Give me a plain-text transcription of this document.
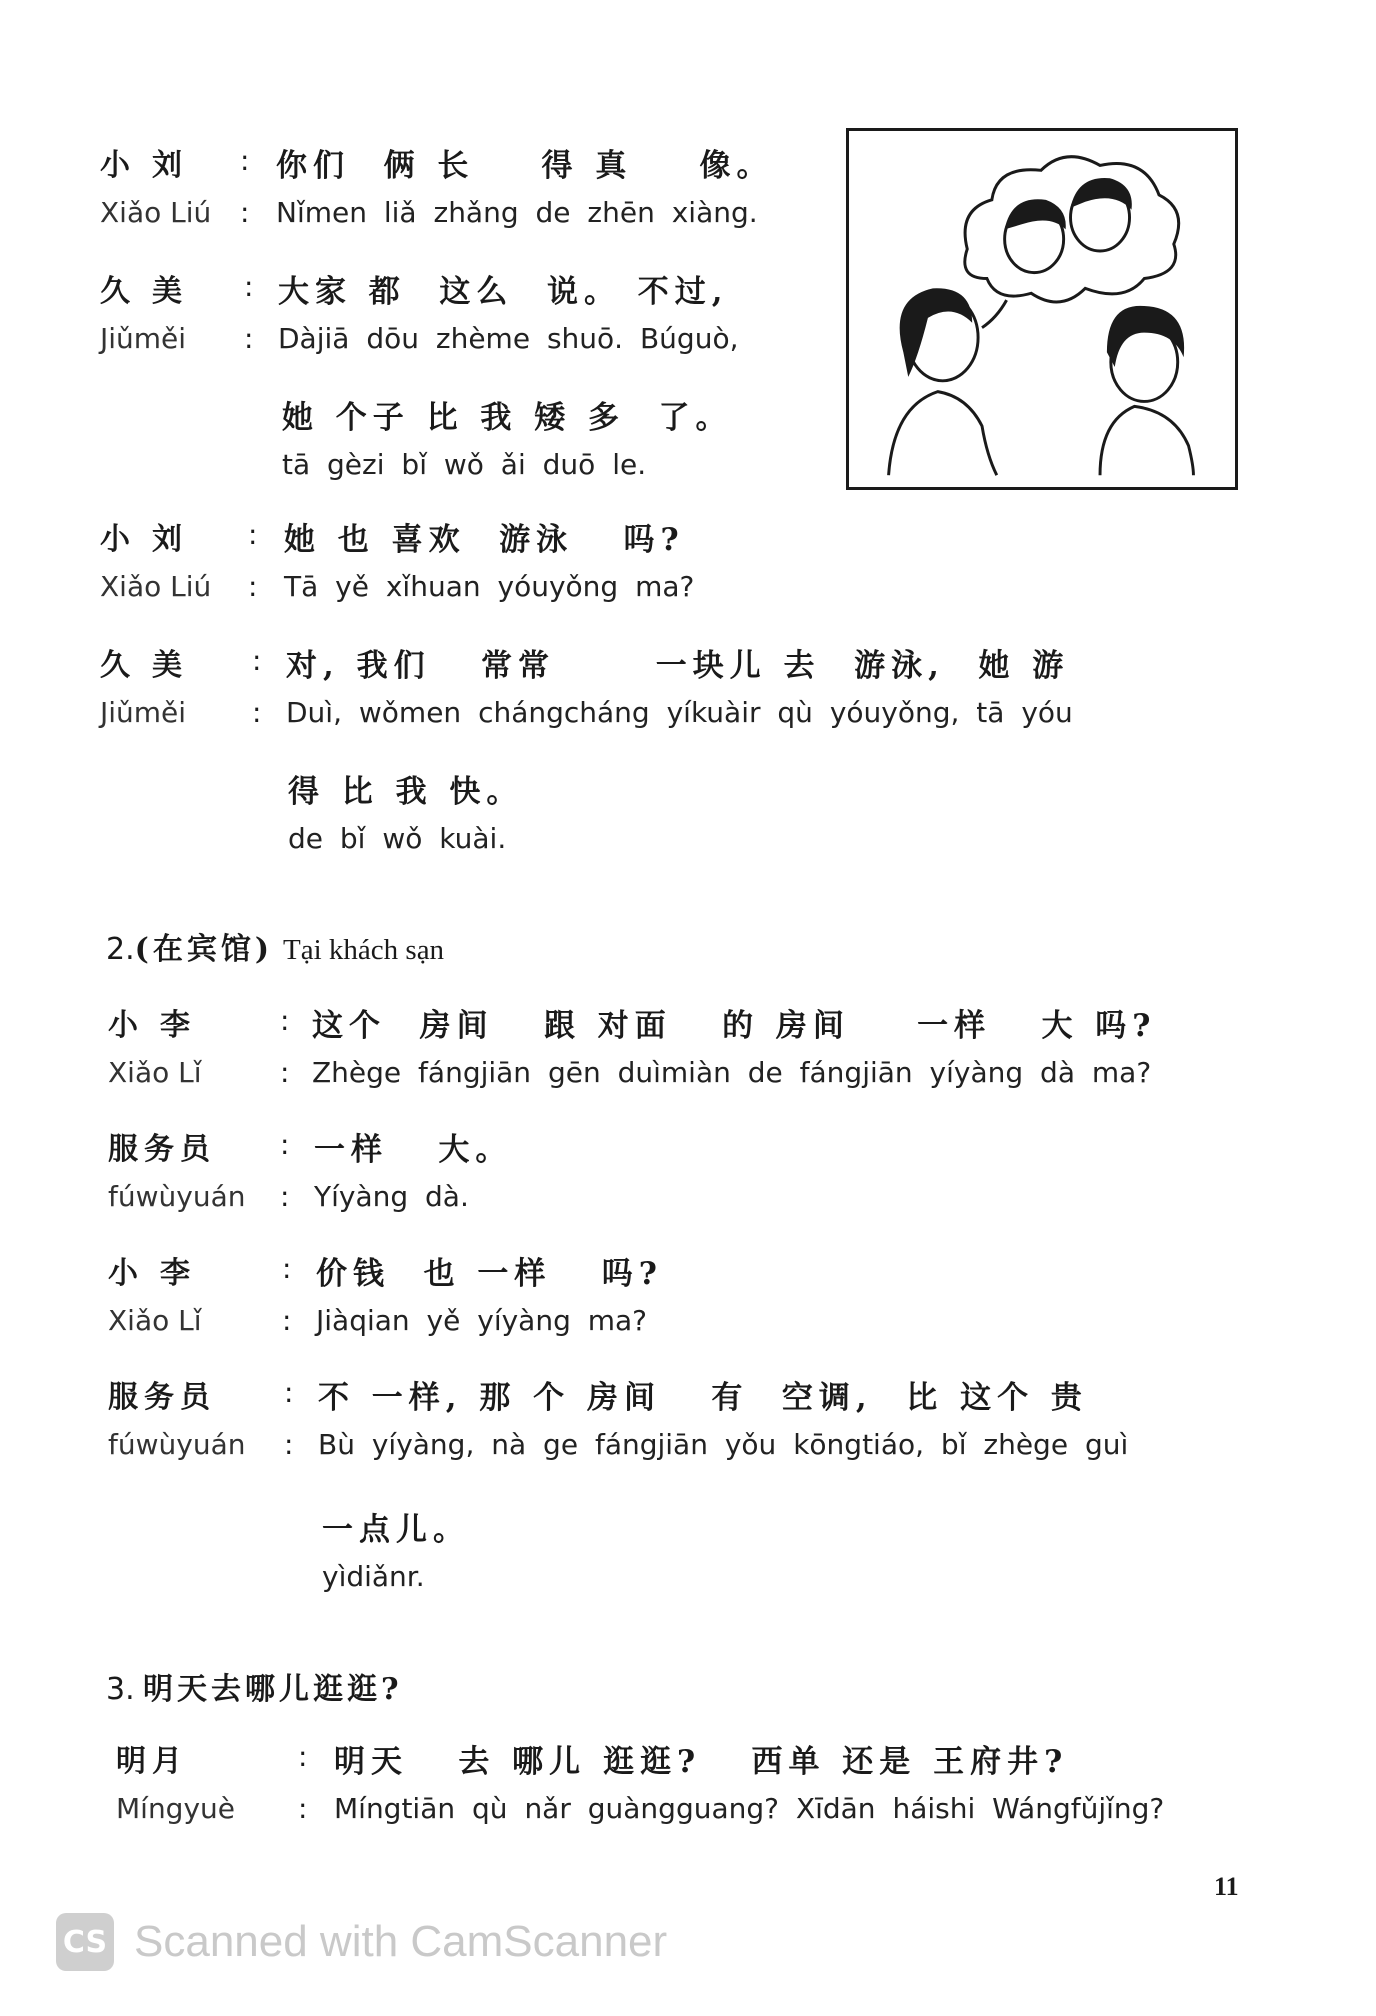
小刘 : 你们  俩 长    得 真    像。
Xiǎo Liú : Nǐmen liǎ zhǎng de zhēn xiàng.
久美 : 大家 都  这么  说。 不过,
Jiǔměi : Dàjiā dōu zhème shuō. Búguò,
她 个子 比 我 矮 多  了。
tā gèzi bǐ wǒ ǎi duō le.
小刘 : 她 也 喜欢  游泳   吗?
Xiǎo Liú : Tā yě xǐhuan yóuyǒng ma?
久美 : 对, 我们   常常      一块儿 去  游泳,  她 游
Jiǔměi : Duì, wǒmen chángcháng yíkuàir qù yóuyǒng, tā yóu
得 比 我 快。
de bǐ wǒ kuài.
2.(在宾馆) Tại khách sạn
小李 : 这个  房间   跟 对面   的 房间    一样   大 吗?
Xiǎo Lǐ	: Zhège fángjiān gēn duìmiàn de fángjiān yíyàng dà ma?
服务员 : 一样   大。
fúwùyuán : Yíyàng dà.
小李	: 价钱  也 一样   吗?
Xiǎo Lǐ	: Jiàqian yě yíyàng ma?
服务员 : 不 一样, 那 个 房间   有  空调,  比 这个 贵
fúwùyuán : Bù yíyàng, nà ge fángjiān yǒu kōngtiáo, bǐ zhège guì
一点儿。
yìdiǎnr.
3. 明天去哪儿逛逛?
明月	: 明天   去 哪儿 逛逛?   西单 还是 王府井?
Míngyuè : Míngtiān qù nǎr guàngguang? Xīdān háishi Wángfǔjǐng?
11
CS Scanned with CamScanner
